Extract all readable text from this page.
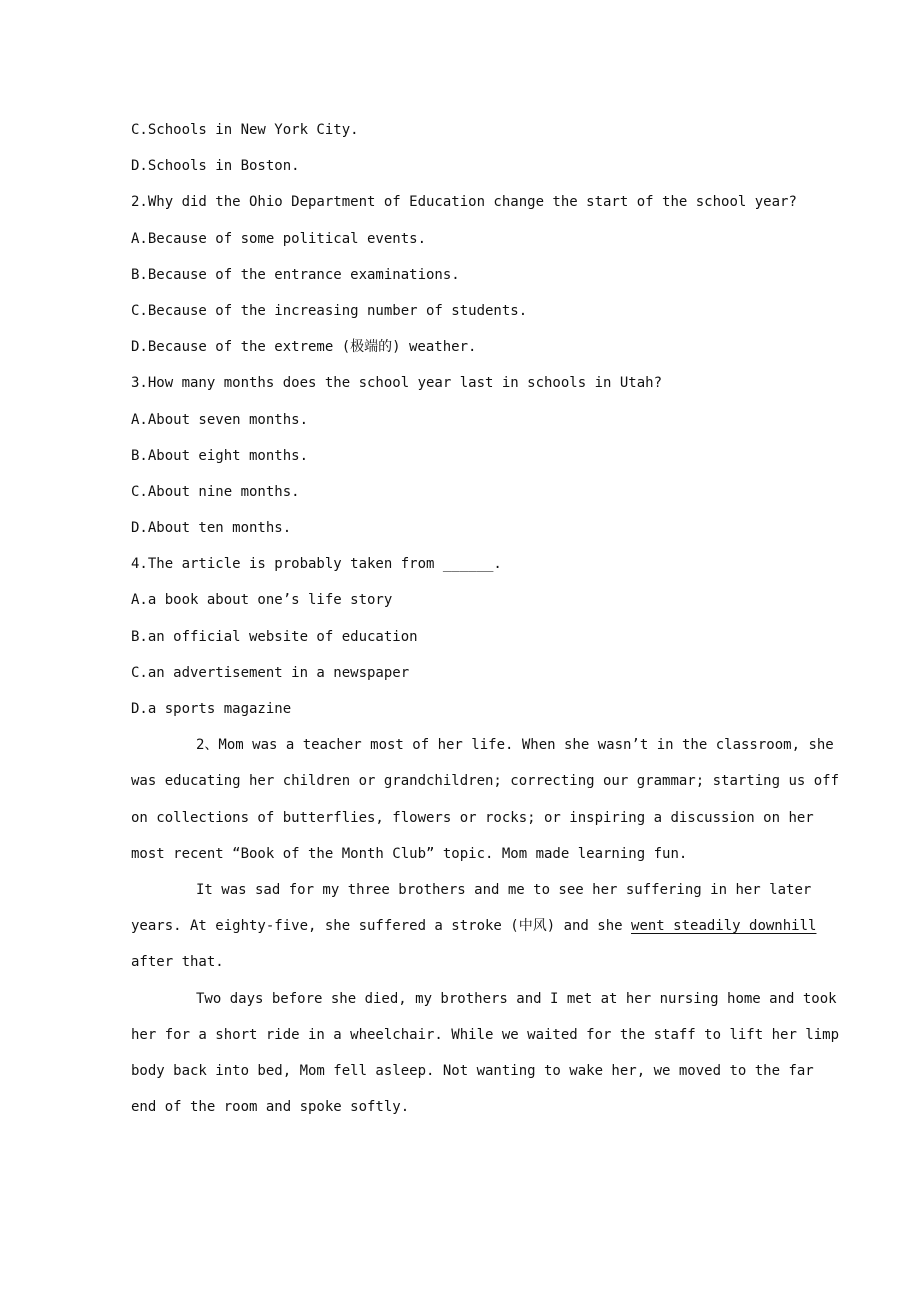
C.Schools in New York City.
D.Schools in Boston.
2.Why did the Ohio Department of Education change the start of the school year?
A.Because of some political events.
B.Because of the entrance examinations.
C.Because of the increasing number of students.
D.Because of the extreme (极端的) weather.
3.How many months does the school year last in schools in Utah?
A.About seven months.
B.About eight months.
C.About nine months.
D.About ten months.
4.The article is probably taken from ______.
A.a book about one’s life story
B.an official website of education
C.an advertisement in a newspaper
D.a sports magazine
2、Mom was a teacher most of her life. When she wasn’t in the classroom, she
was educating her children or grandchildren; correcting our grammar; starting us off
on collections of butterflies, flowers or rocks; or inspiring a discussion on her
most recent “Book of the Month Club” topic. Mom made learning fun.
It was sad for my three brothers and me to see her suffering in her later
years. At eighty-five, she suffered a stroke (中风) and she went steadily downhill
after that.
Two days before she died, my brothers and I met at her nursing home and took
her for a short ride in a wheelchair. While we waited for the staff to lift her limp
body back into bed, Mom fell asleep. Not wanting to wake her, we moved to the far
end of the room and spoke softly.
